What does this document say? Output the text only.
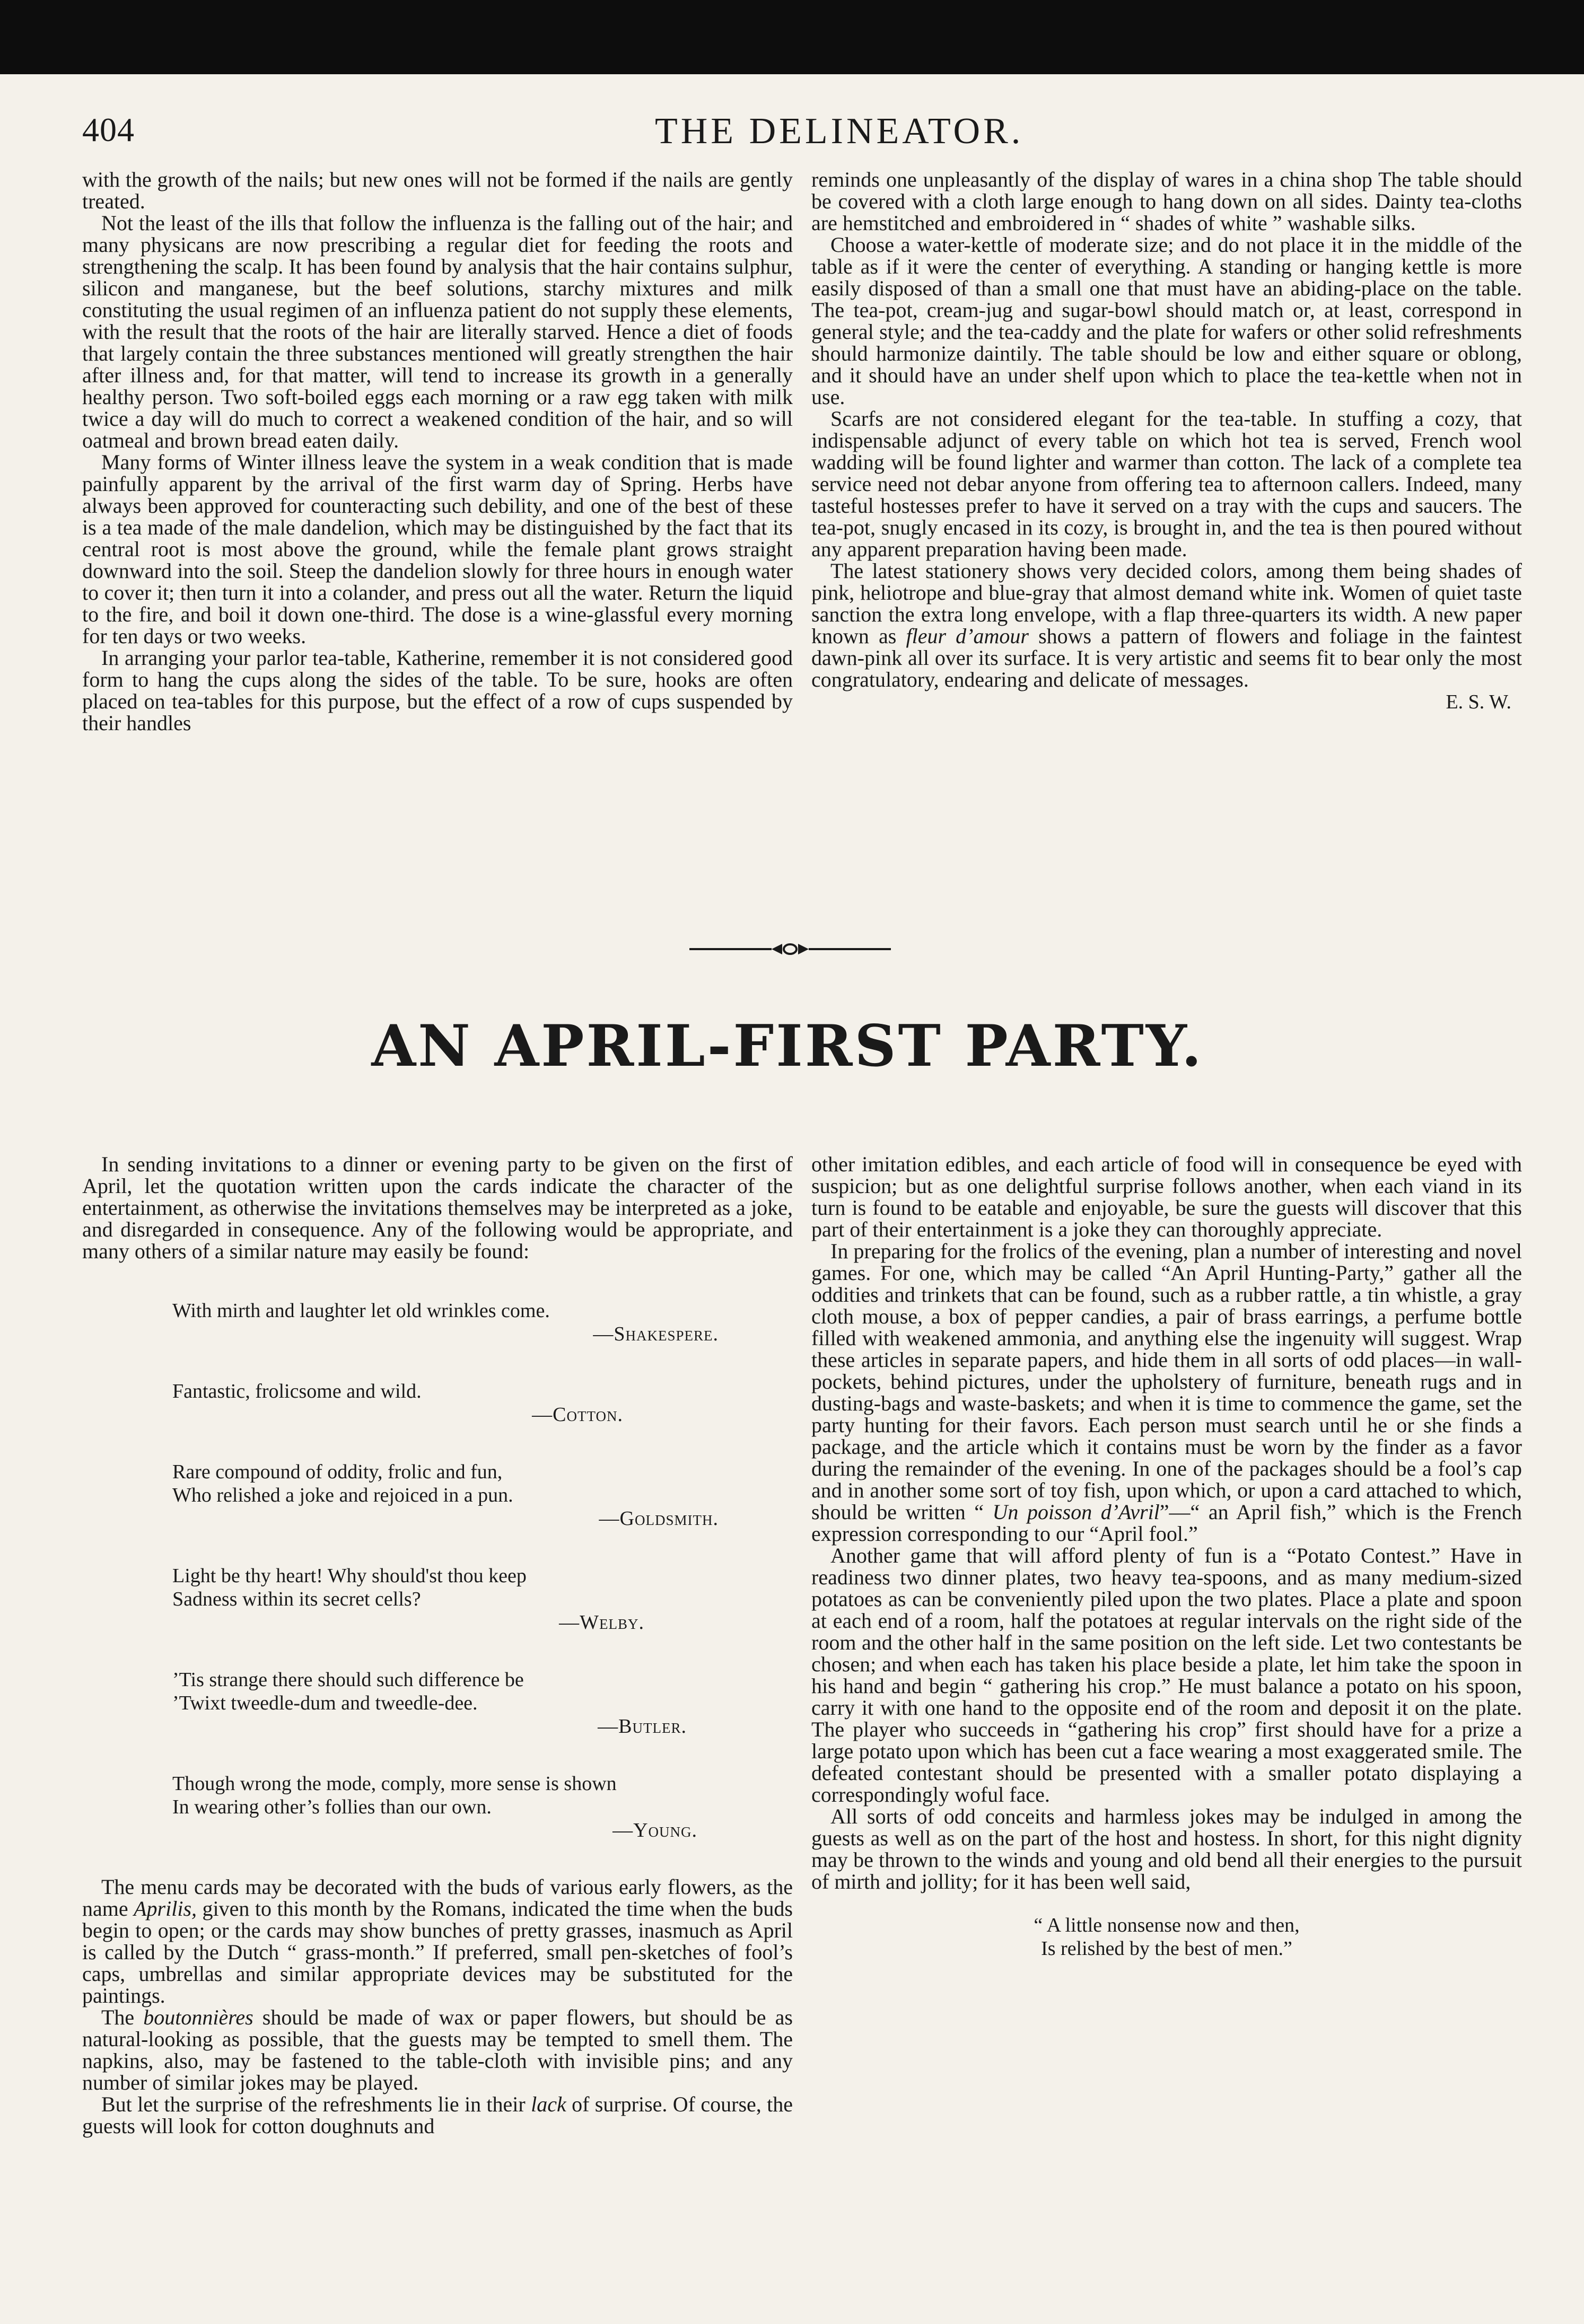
404	THE DELINEATOR.

with the growth of the nails; but new ones will not be formed if the nails are gently treated.

Not the least of the ills that follow the influenza is the falling out of the hair; and many physicans are now prescribing a regular diet for feeding the roots and strengthening the scalp. It has been found by analysis that the hair contains sulphur, silicon and manganese, but the beef solutions, starchy mixtures and milk constituting the usual regimen of an influenza patient do not supply these elements, with the result that the roots of the hair are literally starved. Hence a diet of foods that largely contain the three substances mentioned will greatly strengthen the hair after illness and, for that matter, will tend to increase its growth in a generally healthy person. Two soft-boiled eggs each morning or a raw egg taken with milk twice a day will do much to correct a weakened condition of the hair, and so will oatmeal and brown bread eaten daily.

Many forms of Winter illness leave the system in a weak condition that is made painfully apparent by the arrival of the first warm day of Spring. Herbs have always been approved for counteracting such debility, and one of the best of these is a tea made of the male dandelion, which may be distinguished by the fact that its central root is most above the ground, while the female plant grows straight downward into the soil. Steep the dandelion slowly for three hours in enough water to cover it; then turn it into a colander, and press out all the water. Return the liquid to the fire, and boil it down one-third. The dose is a wine-glassful every morning for ten days or two weeks.

In arranging your parlor tea-table, Katherine, remember it is not considered good form to hang the cups along the sides of the table. To be sure, hooks are often placed on tea-tables for this purpose, but the effect of a row of cups suspended by their handles

reminds one unpleasantly of the display of wares in a china shop The table should be covered with a cloth large enough to hang down on all sides. Dainty tea-cloths are hemstitched and embroidered in “ shades of white ” washable silks.

Choose a water-kettle of moderate size; and do not place it in the middle of the table as if it were the center of everything. A standing or hanging kettle is more easily disposed of than a small one that must have an abiding-place on the table. The tea-pot, cream-jug and sugar-bowl should match or, at least, correspond in general style; and the tea-caddy and the plate for wafers or other solid refreshments should harmonize daintily. The table should be low and either square or oblong, and it should have an under shelf upon which to place the tea-kettle when not in use.

Scarfs are not considered elegant for the tea-table. In stuffing a cozy, that indispensable adjunct of every table on which hot tea is served, French wool wadding will be found lighter and warmer than cotton. The lack of a complete tea service need not debar anyone from offering tea to afternoon callers. Indeed, many tasteful hostesses prefer to have it served on a tray with the cups and saucers. The tea-pot, snugly encased in its cozy, is brought in, and the tea is then poured without any apparent preparation having been made.

The latest stationery shows very decided colors, among them being shades of pink, heliotrope and blue-gray that almost demand white ink. Women of quiet taste sanction the extra long envelope, with a flap three-quarters its width. A new paper known as fleur d’amour shows a pattern of flowers and foliage in the faintest dawn-pink all over its surface. It is very artistic and seems fit to bear only the most congratulatory, endearing and delicate of messages.

E. S. W.
AN APRIL-FIRST PARTY.

In sending invitations to a dinner or evening party to be given on the first of April, let the quotation written upon the cards indicate the character of the entertainment, as otherwise the invitations themselves may be interpreted as a joke, and disregarded in consequence. Any of the following would be appropriate, and many others of a similar nature may easily be found:

With mirth and laughter let old wrinkles come.
—Shakespere.
Fantastic, frolicsome and wild.
—Cotton.
Rare compound of oddity, frolic and fun,
Who relished a joke and rejoiced in a pun.
—Goldsmith.
Light be thy heart! Why should'st thou keep
Sadness within its secret cells?
—Welby.
’Tis strange there should such difference be
’Twixt tweedle-dum and tweedle-dee.
—Butler.
Though wrong the mode, comply, more sense is shown
In wearing other’s follies than our own.
—Young.

The menu cards may be decorated with the buds of various early flowers, as the name Aprilis, given to this month by the Romans, indicated the time when the buds begin to open; or the cards may show bunches of pretty grasses, inasmuch as April is called by the Dutch “ grass-month.” If preferred, small pen-sketches of fool’s caps, umbrellas and similar appropriate devices may be substituted for the paintings.

The boutonnières should be made of wax or paper flowers, but should be as natural-looking as possible, that the guests may be tempted to smell them. The napkins, also, may be fastened to the table-cloth with invisible pins; and any number of similar jokes may be played.

But let the surprise of the refreshments lie in their lack of surprise. Of course, the guests will look for cotton doughnuts and

other imitation edibles, and each article of food will in consequence be eyed with suspicion; but as one delightful surprise follows another, when each viand in its turn is found to be eatable and enjoyable, be sure the guests will discover that this part of their entertainment is a joke they can thoroughly appreciate.

In preparing for the frolics of the evening, plan a number of interesting and novel games. For one, which may be called “An April Hunting-Party,” gather all the oddities and trinkets that can be found, such as a rubber rattle, a tin whistle, a gray cloth mouse, a box of pepper candies, a pair of brass earrings, a perfume bottle filled with weakened ammonia, and anything else the ingenuity will suggest. Wrap these articles in separate papers, and hide them in all sorts of odd places—in wall-pockets, behind pictures, under the upholstery of furniture, beneath rugs and in dusting-bags and waste-baskets; and when it is time to commence the game, set the party hunting for their favors. Each person must search until he or she finds a package, and the article which it contains must be worn by the finder as a favor during the remainder of the evening. In one of the packages should be a fool’s cap and in another some sort of toy fish, upon which, or upon a card attached to which, should be written “ Un poisson d’Avril”—“ an April fish,” which is the French expression corresponding to our “April fool.”

Another game that will afford plenty of fun is a “Potato Contest.” Have in readiness two dinner plates, two heavy tea-spoons, and as many medium-sized potatoes as can be conveniently piled upon the two plates. Place a plate and spoon at each end of a room, half the potatoes at regular intervals on the right side of the room and the other half in the same position on the left side. Let two contestants be chosen; and when each has taken his place beside a plate, let him take the spoon in his hand and begin “ gathering his crop.” He must balance a potato on his spoon, carry it with one hand to the opposite end of the room and deposit it on the plate. The player who succeeds in “gathering his crop” first should have for a prize a large potato upon which has been cut a face wearing a most exaggerated smile. The defeated contestant should be presented with a smaller potato displaying a correspondingly woful face.

All sorts of odd conceits and harmless jokes may be indulged in among the guests as well as on the part of the host and hostess. In short, for this night dignity may be thrown to the winds and young and old bend all their energies to the pursuit of mirth and jollity; for it has been well said,

“ A little nonsense now and then,
Is relished by the best of men.”
